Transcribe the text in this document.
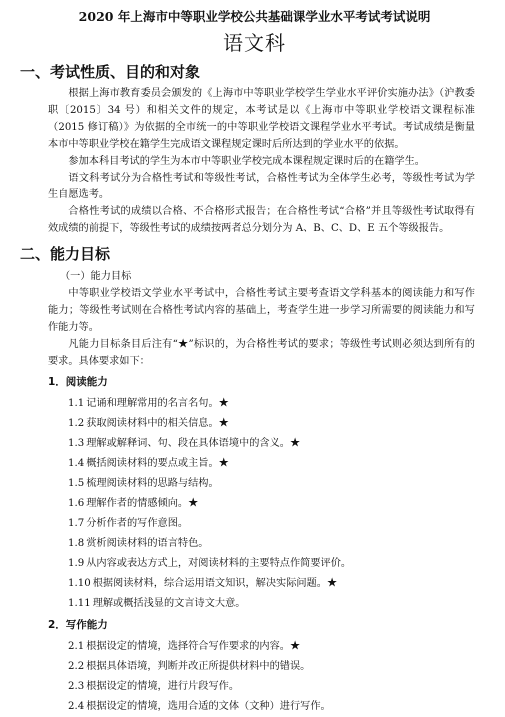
2020 年上海市中等职业学校公共基础课学业水平考试考试说明
语文科
一、考试性质、目的和对象

根据上海市教育委员会颁发的《上海市中等职业学校学生学业水平评价实施办法》（沪教委职〔2015〕34 号）和相关文件的规定，本考试是以《上海市中等职业学校语文课程标准（2015 修订稿）》为依据的全市统一的中等职业学校语文课程学业水平考试。考试成绩是衡量本市中等职业学校在籍学生完成语文课程规定课时后所达到的学业水平的依据。

参加本科目考试的学生为本市中等职业学校完成本课程规定课时后的在籍学生。

语文科考试分为合格性考试和等级性考试，合格性考试为全体学生必考，等级性考试为学生自愿选考。

合格性考试的成绩以合格、不合格形式报告；在合格性考试“合格”并且等级性考试取得有效成绩的前提下，等级性考试的成绩按两者总分划分为 A、B、C、D、E 五个等级报告。

二、能力目标
（一）能力目标

中等职业学校语文学业水平考试中，合格性考试主要考查语文学科基本的阅读能力和写作能力；等级性考试则在合格性考试内容的基础上，考查学生进一步学习所需要的阅读能力和写作能力等。

凡能力目标条目后注有“★”标识的，为合格性考试的要求；等级性考试则必须达到所有的要求。具体要求如下：

1．阅读能力
1.1 记诵和理解常用的名言名句。★
1.2 获取阅读材料中的相关信息。★
1.3 理解或解释词、句、段在具体语境中的含义。★
1.4 概括阅读材料的要点或主旨。★
1.5 梳理阅读材料的思路与结构。
1.6 理解作者的情感倾向。★
1.7 分析作者的写作意图。
1.8 赏析阅读材料的语言特色。
1.9 从内容或表达方式上，对阅读材料的主要特点作简要评价。
1.10 根据阅读材料，综合运用语文知识，解决实际问题。★
1.11 理解或概括浅显的文言诗文大意。
2．写作能力
2.1 根据设定的情境，选择符合写作要求的内容。★
2.2 根据具体语境，判断并改正所提供材料中的错误。
2.3 根据设定的情境，进行片段写作。
2.4 根据设定的情境，选用合适的文体（文种）进行写作。
